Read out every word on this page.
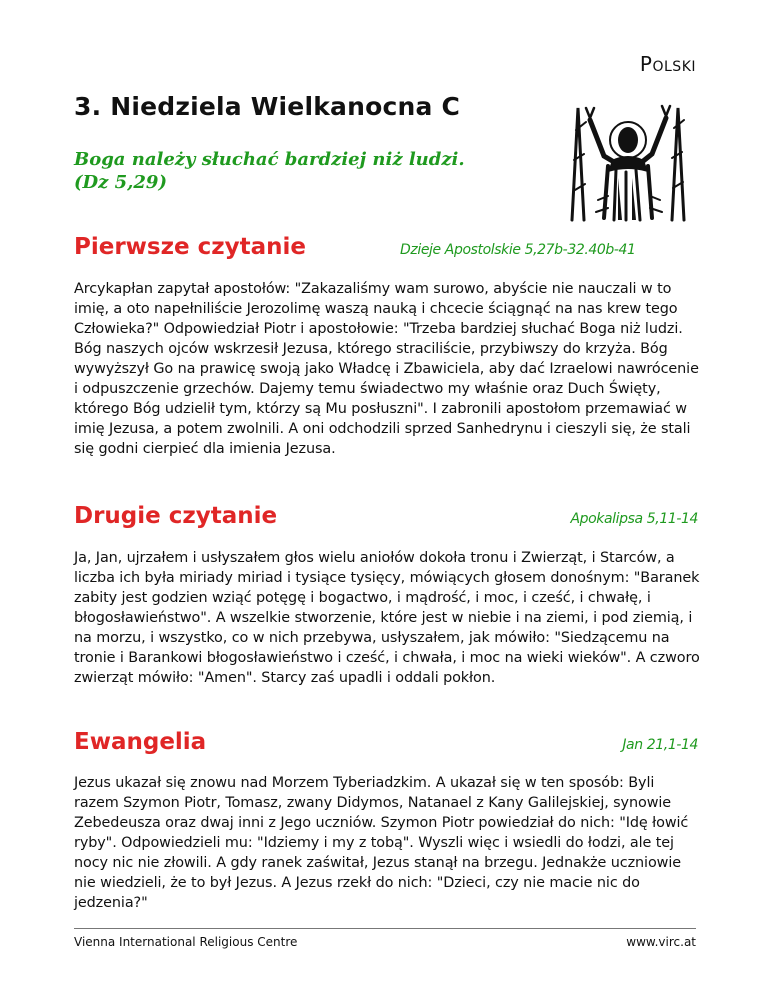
Polski
3. Niedziela Wielkanocna C

Boga należy słuchać bardziej niż ludzi.
(Dz 5,29)

Pierwsze czytanie	Dzieje Apostolskie 5,27b-32.40b-41

Arcykapłan zapytał apostołów: "Zakazaliśmy wam surowo, abyście nie nauczali w to imię, a oto napełniliście Jerozolimę waszą nauką i chcecie ściągnąć na nas krew tego Człowieka?" Odpowiedział Piotr i apostołowie: "Trzeba bardziej słuchać Boga niż ludzi. Bóg naszych ojców wskrzesił Jezusa, którego straciliście, przybiwszy do krzyża. Bóg wywyższył Go na prawicę swoją jako Władcę i Zbawiciela, aby dać Izraelowi nawrócenie i odpuszczenie grzechów. Dajemy temu świadectwo my właśnie oraz Duch Święty, którego Bóg udzielił tym, którzy są Mu posłuszni". I zabronili apostołom przemawiać w imię Jezusa, a potem zwolnili. A oni odchodzili sprzed Sanhedrynu i cieszyli się, że stali się godni cierpieć dla imienia Jezusa.

Drugie czytanie	Apokalipsa 5,11-14

Ja, Jan, ujrzałem i usłyszałem głos wielu aniołów dokoła tronu i Zwierząt, i Starców, a liczba ich była miriady miriad i tysiące tysięcy, mówiących głosem donośnym: "Baranek zabity jest godzien wziąć potęgę i bogactwo, i mądrość, i moc, i cześć, i chwałę, i błogosławieństwo". A wszelkie stworzenie, które jest w niebie i na ziemi, i pod ziemią, i na morzu, i wszystko, co w nich przebywa, usłyszałem, jak mówiło: "Siedzącemu na tronie i Barankowi błogosławieństwo i cześć, i chwała, i moc na wieki wieków". A czworo zwierząt mówiło: "Amen". Starcy zaś upadli i oddali pokłon.

Ewangelia	Jan 21,1-14

Jezus ukazał się znowu nad Morzem Tyberiadzkim. A ukazał się w ten sposób: Byli razem Szymon Piotr, Tomasz, zwany Didymos, Natanael z Kany Galilejskiej, synowie Zebedeusza oraz dwaj inni z Jego uczniów. Szymon Piotr powiedział do nich: "Idę łowić ryby". Odpowiedzieli mu: "Idziemy i my z tobą". Wyszli więc i wsiedli do łodzi, ale tej nocy nic nie złowili. A gdy ranek zaświtał, Jezus stanął na brzegu. Jednakże uczniowie nie wiedzieli, że to był Jezus. A Jezus rzekł do nich: "Dzieci, czy nie macie nic do jedzenia?"

Vienna International Religious Centre	www.virc.at
